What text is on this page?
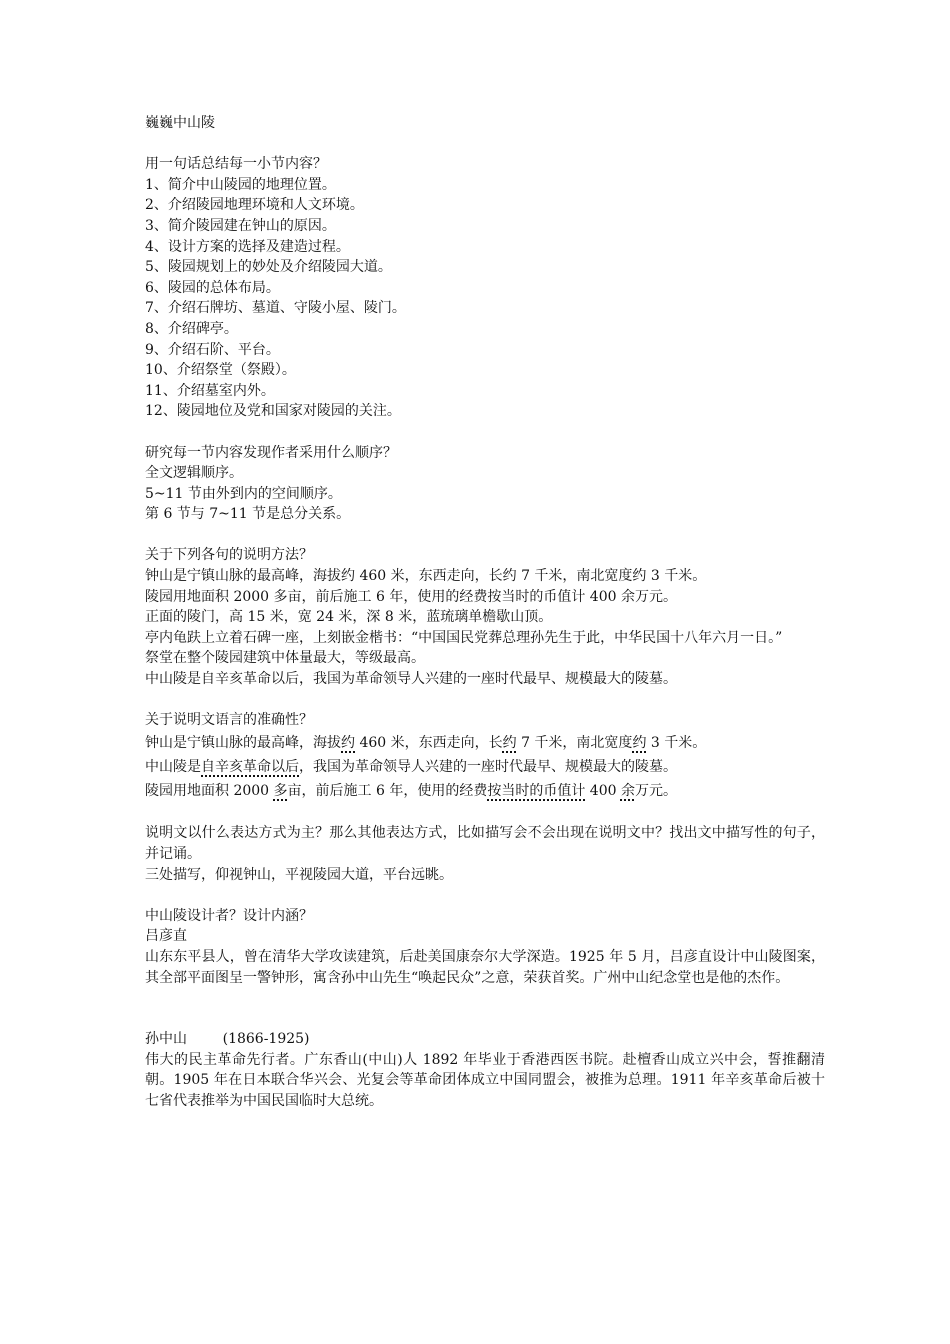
巍巍中山陵
用一句话总结每一小节内容？
1、简介中山陵园的地理位置。
2、介绍陵园地理环境和人文环境。
3、简介陵园建在钟山的原因。
4、设计方案的选择及建造过程。
5、陵园规划上的妙处及介绍陵园大道。
6、陵园的总体布局。
7、介绍石牌坊、墓道、守陵小屋、陵门。
8、介绍碑亭。
9、介绍石阶、平台。
10、介绍祭堂（祭殿）。
11、介绍墓室内外。
12、陵园地位及党和国家对陵园的关注。
研究每一节内容发现作者采用什么顺序？
全文逻辑顺序。
5~11 节由外到内的空间顺序。
第 6 节与 7~11 节是总分关系。
关于下列各句的说明方法？
钟山是宁镇山脉的最高峰，海拔约 460 米，东西走向，长约 7 千米，南北宽度约 3 千米。
陵园用地面积 2000 多亩，前后施工 6 年，使用的经费按当时的币值计 400 余万元。
正面的陵门，高 15 米，宽 24 米，深 8 米，蓝琉璃单檐歇山顶。
亭内龟趺上立着石碑一座，上刻嵌金楷书：“中国国民党葬总理孙先生于此，中华民国十八年六月一日。”
祭堂在整个陵园建筑中体量最大，等级最高。
中山陵是自辛亥革命以后，我国为革命领导人兴建的一座时代最早、规模最大的陵墓。
关于说明文语言的准确性？
钟山是宁镇山脉的最高峰，海拔约 460 米，东西走向，长约 7 千米，南北宽度约 3 千米。
中山陵是自辛亥革命以后，我国为革命领导人兴建的一座时代最早、规模最大的陵墓。
陵园用地面积 2000 多亩，前后施工 6 年，使用的经费按当时的币值计 400 余万元。
说明文以什么表达方式为主？那么其他表达方式，比如描写会不会出现在说明文中？找出文中描写性的句子，并记诵。
三处描写，仰视钟山，平视陵园大道，平台远眺。
中山陵设计者？设计内涵？
吕彦直
山东东平县人，曾在清华大学攻读建筑，后赴美国康奈尔大学深造。1925 年 5 月，吕彦直设计中山陵图案，其全部平面图呈一警钟形，寓含孙中山先生“唤起民众”之意，荣获首奖。广州中山纪念堂也是他的杰作。
孙中山	(1866-1925)
伟大的民主革命先行者。广东香山(中山)人 1892 年毕业于香港西医书院。赴檀香山成立兴中会，誓推翻清朝。1905 年在日本联合华兴会、光复会等革命团体成立中国同盟会，被推为总理。1911 年辛亥革命后被十七省代表推举为中国民国临时大总统。
